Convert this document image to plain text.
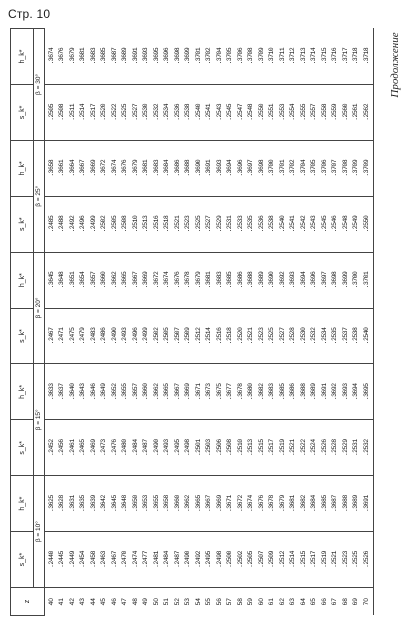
Стр. 10
Продолжение
z	s_k*	h_k*	s_k*	h_k*	s_k*	h_k*	s_k*	h_k*	s_k*	h_k*
	β = 10°		β = 15°		β = 20°		β = 25°		β = 30°	
40	.2440	.3625	.2452	.3633	.2467	.3645	.2485	.3658	.2505	.3674
41	.2445	.3628	.2456	.3637	.2471	.3648	.2488	.3661	.2508	.3676
42	.2449	.3631	.2461	.3640	.2475	.3651	.2492	.3664	.2511	.3679
43	.2454	.3635	.2465	.3643	.2479	.3654	.2496	.3667	.2514	.3681
44	.2458	.3639	.2469	.3646	.2483	.3657	.2499	.3669	.2517	.3683
45	.2463	.3642	.2473	.3649	.2486	.3660	.2502	.3672	.2520	.3685
46	.2467	.3645	.2476	.3652	.2490	.3662	.2505	.3674	.2522	.3687
47	.2470	.3648	.2480	.3655	.2493	.3665	.2508	.3676	.2525	.3689
48	.2474	.3650	.2484	.3657	.2496	.3667	.2510	.3679	.2527	.3691
49	.2477	.3653	.2487	.3660	.2499	.3669	.2513	.3681	.2530	.3693
50	.2481	.3655	.2490	.3662	.2502	.3672	.2516	.3683	.2532	.3695
51	.2484	.3658	.2493	.3665	.2505	.3674	.2518	.3684	.2534	.3696
52	.2487	.3660	.2495	.3667	.2507	.3676	.2521	.3686	.2536	.3698
53	.2490	.3662	.2498	.3669	.2509	.3678	.2523	.3688	.2538	.3699
54	.2492	.3665	.2501	.3671	.2512	.3679	.2525	.3690	.2540	.3701
55	.2495	.3667	.2503	.3673	.2514	.3681	.2527	.3691	.2541	.3702
56	.2498	.3669	.2506	.3675	.2516	.3683	.2529	.3693	.2543	.3704
57	.2500	.3671	.2508	.3677	.2518	.3685	.2531	.3694	.2545	.3705
58	.2502	.3672	.2510	.3678	.2520	.3686	.2533	.3696	.2547	.3706
59	.2505	.3674	.2513	.3680	.2521	.3688	.2535	.3697	.2548	.3708
60	.2507	.3676	.2515	.3682	.2523	.3689	.2536	.3698	.2550	.3709
61	.2509	.3678	.2517	.3683	.2525	.3690	.2538	.3700	.2551	.3710
62	.2512	.3679	.2519	.3685	.2527	.3692	.2540	.3701	.2553	.3711
63	.2514	.3681	.2521	.3686	.2528	.3693	.2541	.3702	.2554	.3712
64	.2515	.3682	.2522	.3688	.2530	.3694	.2542	.3704	.2555	.3713
65	.2517	.3684	.2524	.3689	.2532	.3696	.2543	.3705	.2557	.3714
66	.2519	.3685	.2526	.3691	.2534	.3697	.2545	.3706	.2558	.3715
67	.2521	.3687	.2528	.3692	.2535	.3698	.2546	.3707	.2559	.3716
68	.2523	.3688	.2529	.3693	.2537	.3699	.2548	.3708	.2560	.3717
69	.2525	.3689	.2531	.3694	.2538	.3700	.2549	.3709	.2561	.3718
70	.2526	.3691	.2532	.3695	.2540	.3701	.2550	.3709	.2562	.3718
